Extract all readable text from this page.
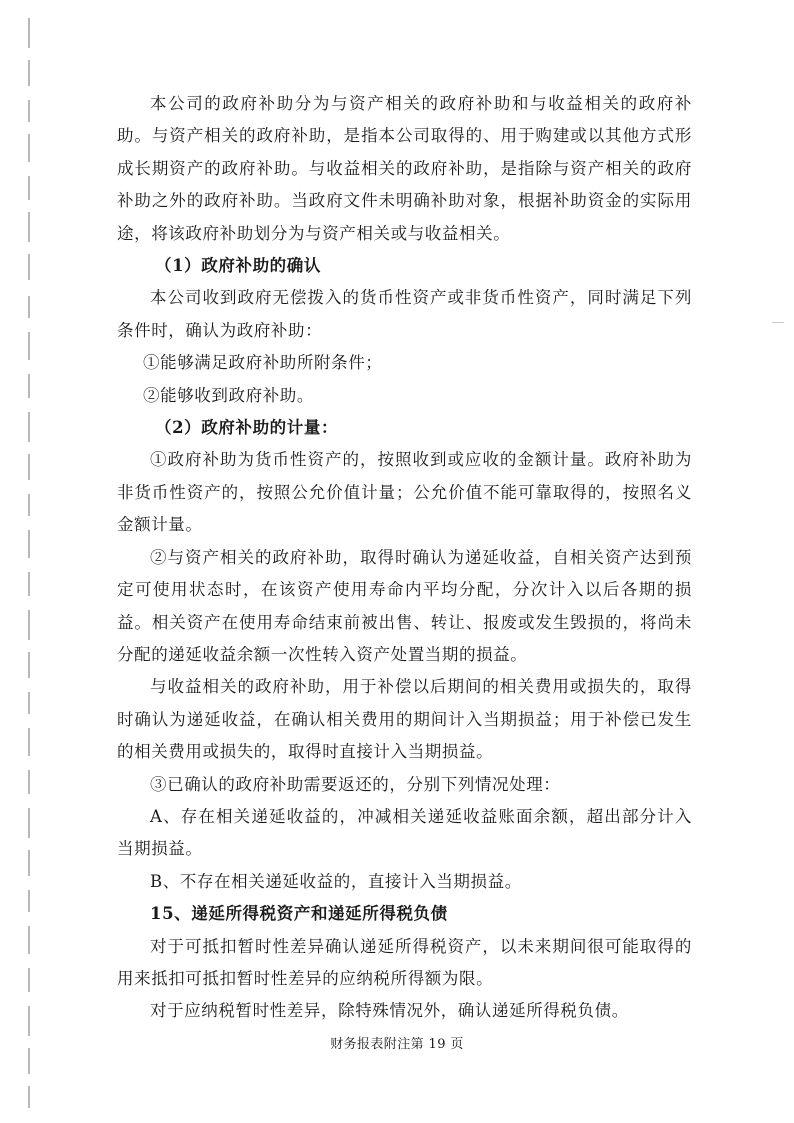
本公司的政府补助分为与资产相关的政府补助和与收益相关的政府补助。与资产相关的政府补助，是指本公司取得的、用于购建或以其他方式形成长期资产的政府补助。与收益相关的政府补助，是指除与资产相关的政府补助之外的政府补助。当政府文件未明确补助对象，根据补助资金的实际用途，将该政府补助划分为与资产相关或与收益相关。

（1）政府补助的确认

本公司收到政府无偿拨入的货币性资产或非货币性资产，同时满足下列条件时，确认为政府补助：

①能够满足政府补助所附条件；

②能够收到政府补助。

（2）政府补助的计量：

①政府补助为货币性资产的，按照收到或应收的金额计量。政府补助为非货币性资产的，按照公允价值计量；公允价值不能可靠取得的，按照名义金额计量。

②与资产相关的政府补助，取得时确认为递延收益，自相关资产达到预定可使用状态时，在该资产使用寿命内平均分配，分次计入以后各期的损益。相关资产在使用寿命结束前被出售、转让、报废或发生毁损的，将尚未分配的递延收益余额一次性转入资产处置当期的损益。

与收益相关的政府补助，用于补偿以后期间的相关费用或损失的，取得时确认为递延收益，在确认相关费用的期间计入当期损益；用于补偿已发生的相关费用或损失的，取得时直接计入当期损益。

③已确认的政府补助需要返还的，分别下列情况处理：

A、存在相关递延收益的，冲减相关递延收益账面余额，超出部分计入当期损益。

B、不存在相关递延收益的，直接计入当期损益。

15、递延所得税资产和递延所得税负债

对于可抵扣暂时性差异确认递延所得税资产，以未来期间很可能取得的用来抵扣可抵扣暂时性差异的应纳税所得额为限。

对于应纳税暂时性差异，除特殊情况外，确认递延所得税负债。

财务报表附注第 19 页
